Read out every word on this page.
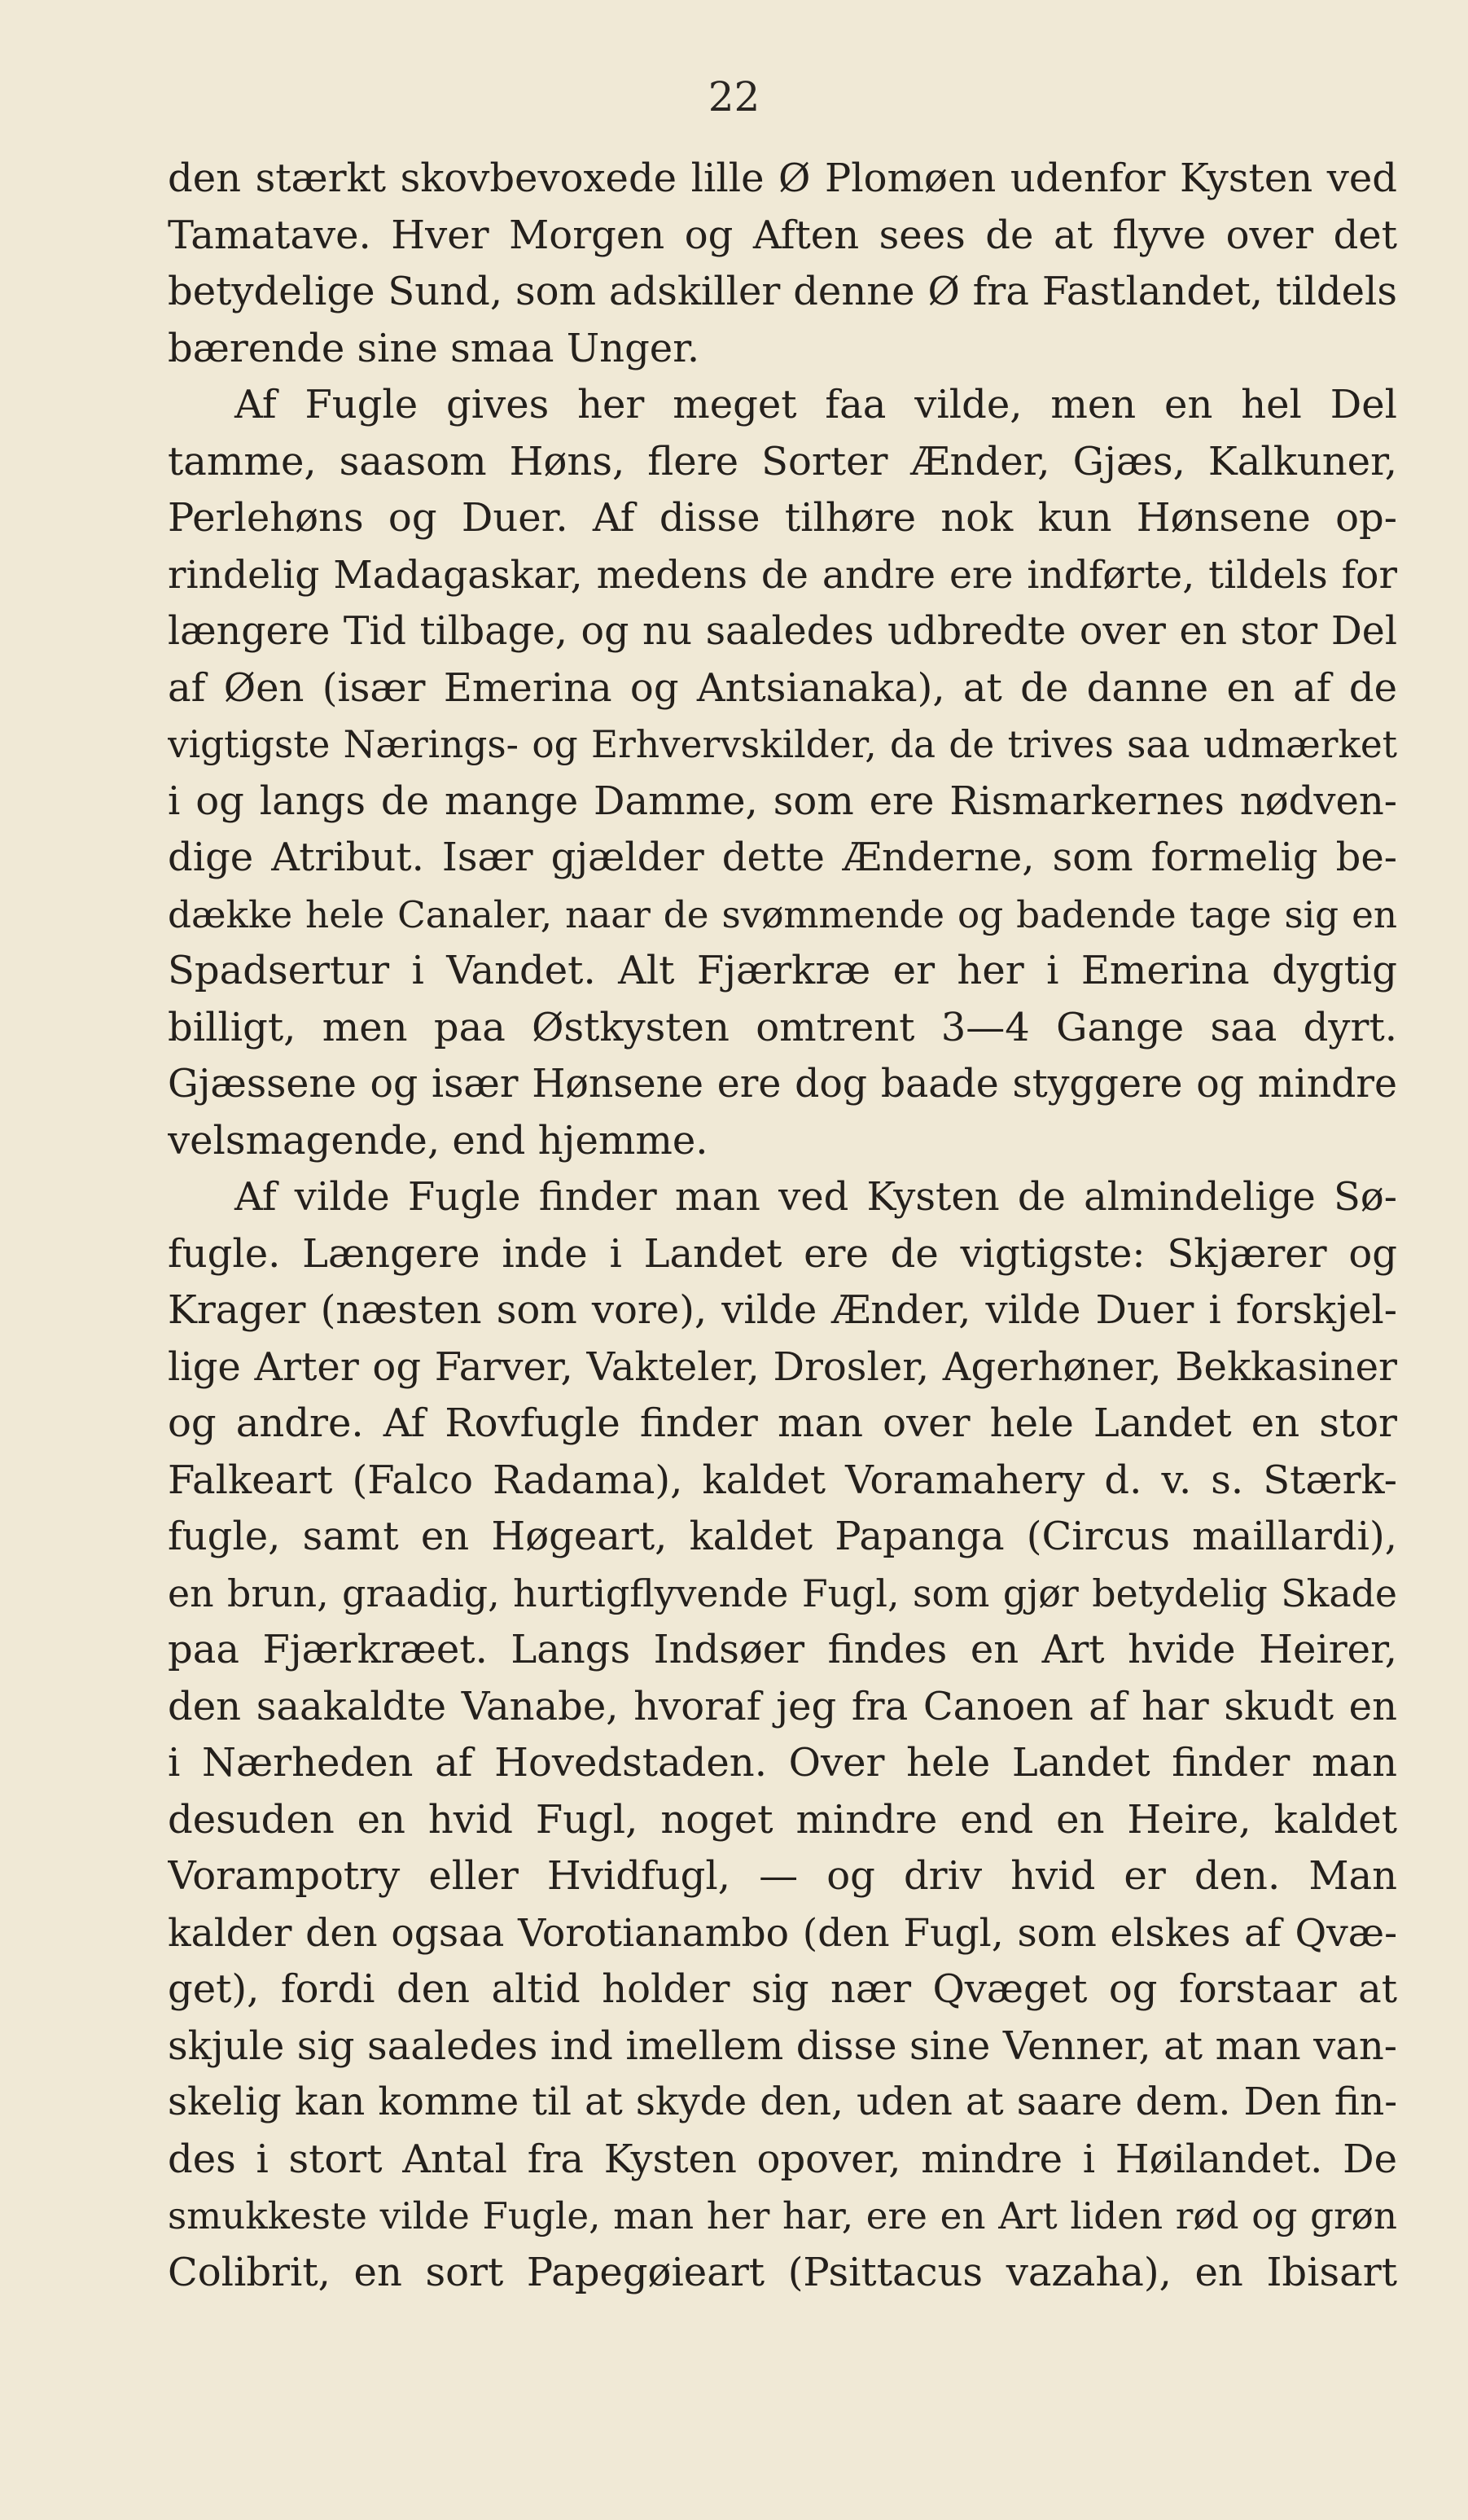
22
den stærkt skovbevoxede lille Ø Plomøen udenfor Kysten ved
Tamatave. Hver Morgen og Aften sees de at flyve over det
betydelige Sund, som adskiller denne Ø fra Fastlandet, tildels
bærende sine smaa Unger.
Af Fugle gives her meget faa vilde, men en hel Del
tamme, saasom Høns, flere Sorter Ænder, Gjæs, Kalkuner,
Perlehøns og Duer. Af disse tilhøre nok kun Hønsene op-
rindelig Madagaskar, medens de andre ere indførte, tildels for
længere Tid tilbage, og nu saaledes udbredte over en stor Del
af Øen (især Emerina og Antsianaka), at de danne en af de
vigtigste Nærings- og Erhvervskilder, da de trives saa udmærket
i og langs de mange Damme, som ere Rismarkernes nødven-
dige Atribut. Især gjælder dette Ænderne, som formelig be-
dække hele Canaler, naar de svømmende og badende tage sig en
Spadsertur i Vandet. Alt Fjærkræ er her i Emerina dygtig
billigt, men paa Østkysten omtrent 3—4 Gange saa dyrt.
Gjæssene og især Hønsene ere dog baade styggere og mindre
velsmagende, end hjemme.
Af vilde Fugle finder man ved Kysten de almindelige Sø-
fugle. Længere inde i Landet ere de vigtigste: Skjærer og
Krager (næsten som vore), vilde Ænder, vilde Duer i forskjel-
lige Arter og Farver, Vakteler, Drosler, Agerhøner, Bekkasiner
og andre. Af Rovfugle finder man over hele Landet en stor
Falkeart (Falco Radama), kaldet Voramahery d. v. s. Stærk-
fugle, samt en Høgeart, kaldet Papanga (Circus maillardi),
en brun, graadig, hurtigflyvende Fugl, som gjør betydelig Skade
paa Fjærkræet. Langs Indsøer findes en Art hvide Heirer,
den saakaldte Vanabe, hvoraf jeg fra Canoen af har skudt en
i Nærheden af Hovedstaden. Over hele Landet finder man
desuden en hvid Fugl, noget mindre end en Heire, kaldet
Vorampotry eller Hvidfugl, — og driv hvid er den. Man
kalder den ogsaa Vorotianambo (den Fugl, som elskes af Qvæ-
get), fordi den altid holder sig nær Qvæget og forstaar at
skjule sig saaledes ind imellem disse sine Venner, at man van-
skelig kan komme til at skyde den, uden at saare dem. Den fin-
des i stort Antal fra Kysten opover, mindre i Høilandet. De
smukkeste vilde Fugle, man her har, ere en Art liden rød og grøn
Colibrit, en sort Papegøieart (Psittacus vazaha), en Ibisart
